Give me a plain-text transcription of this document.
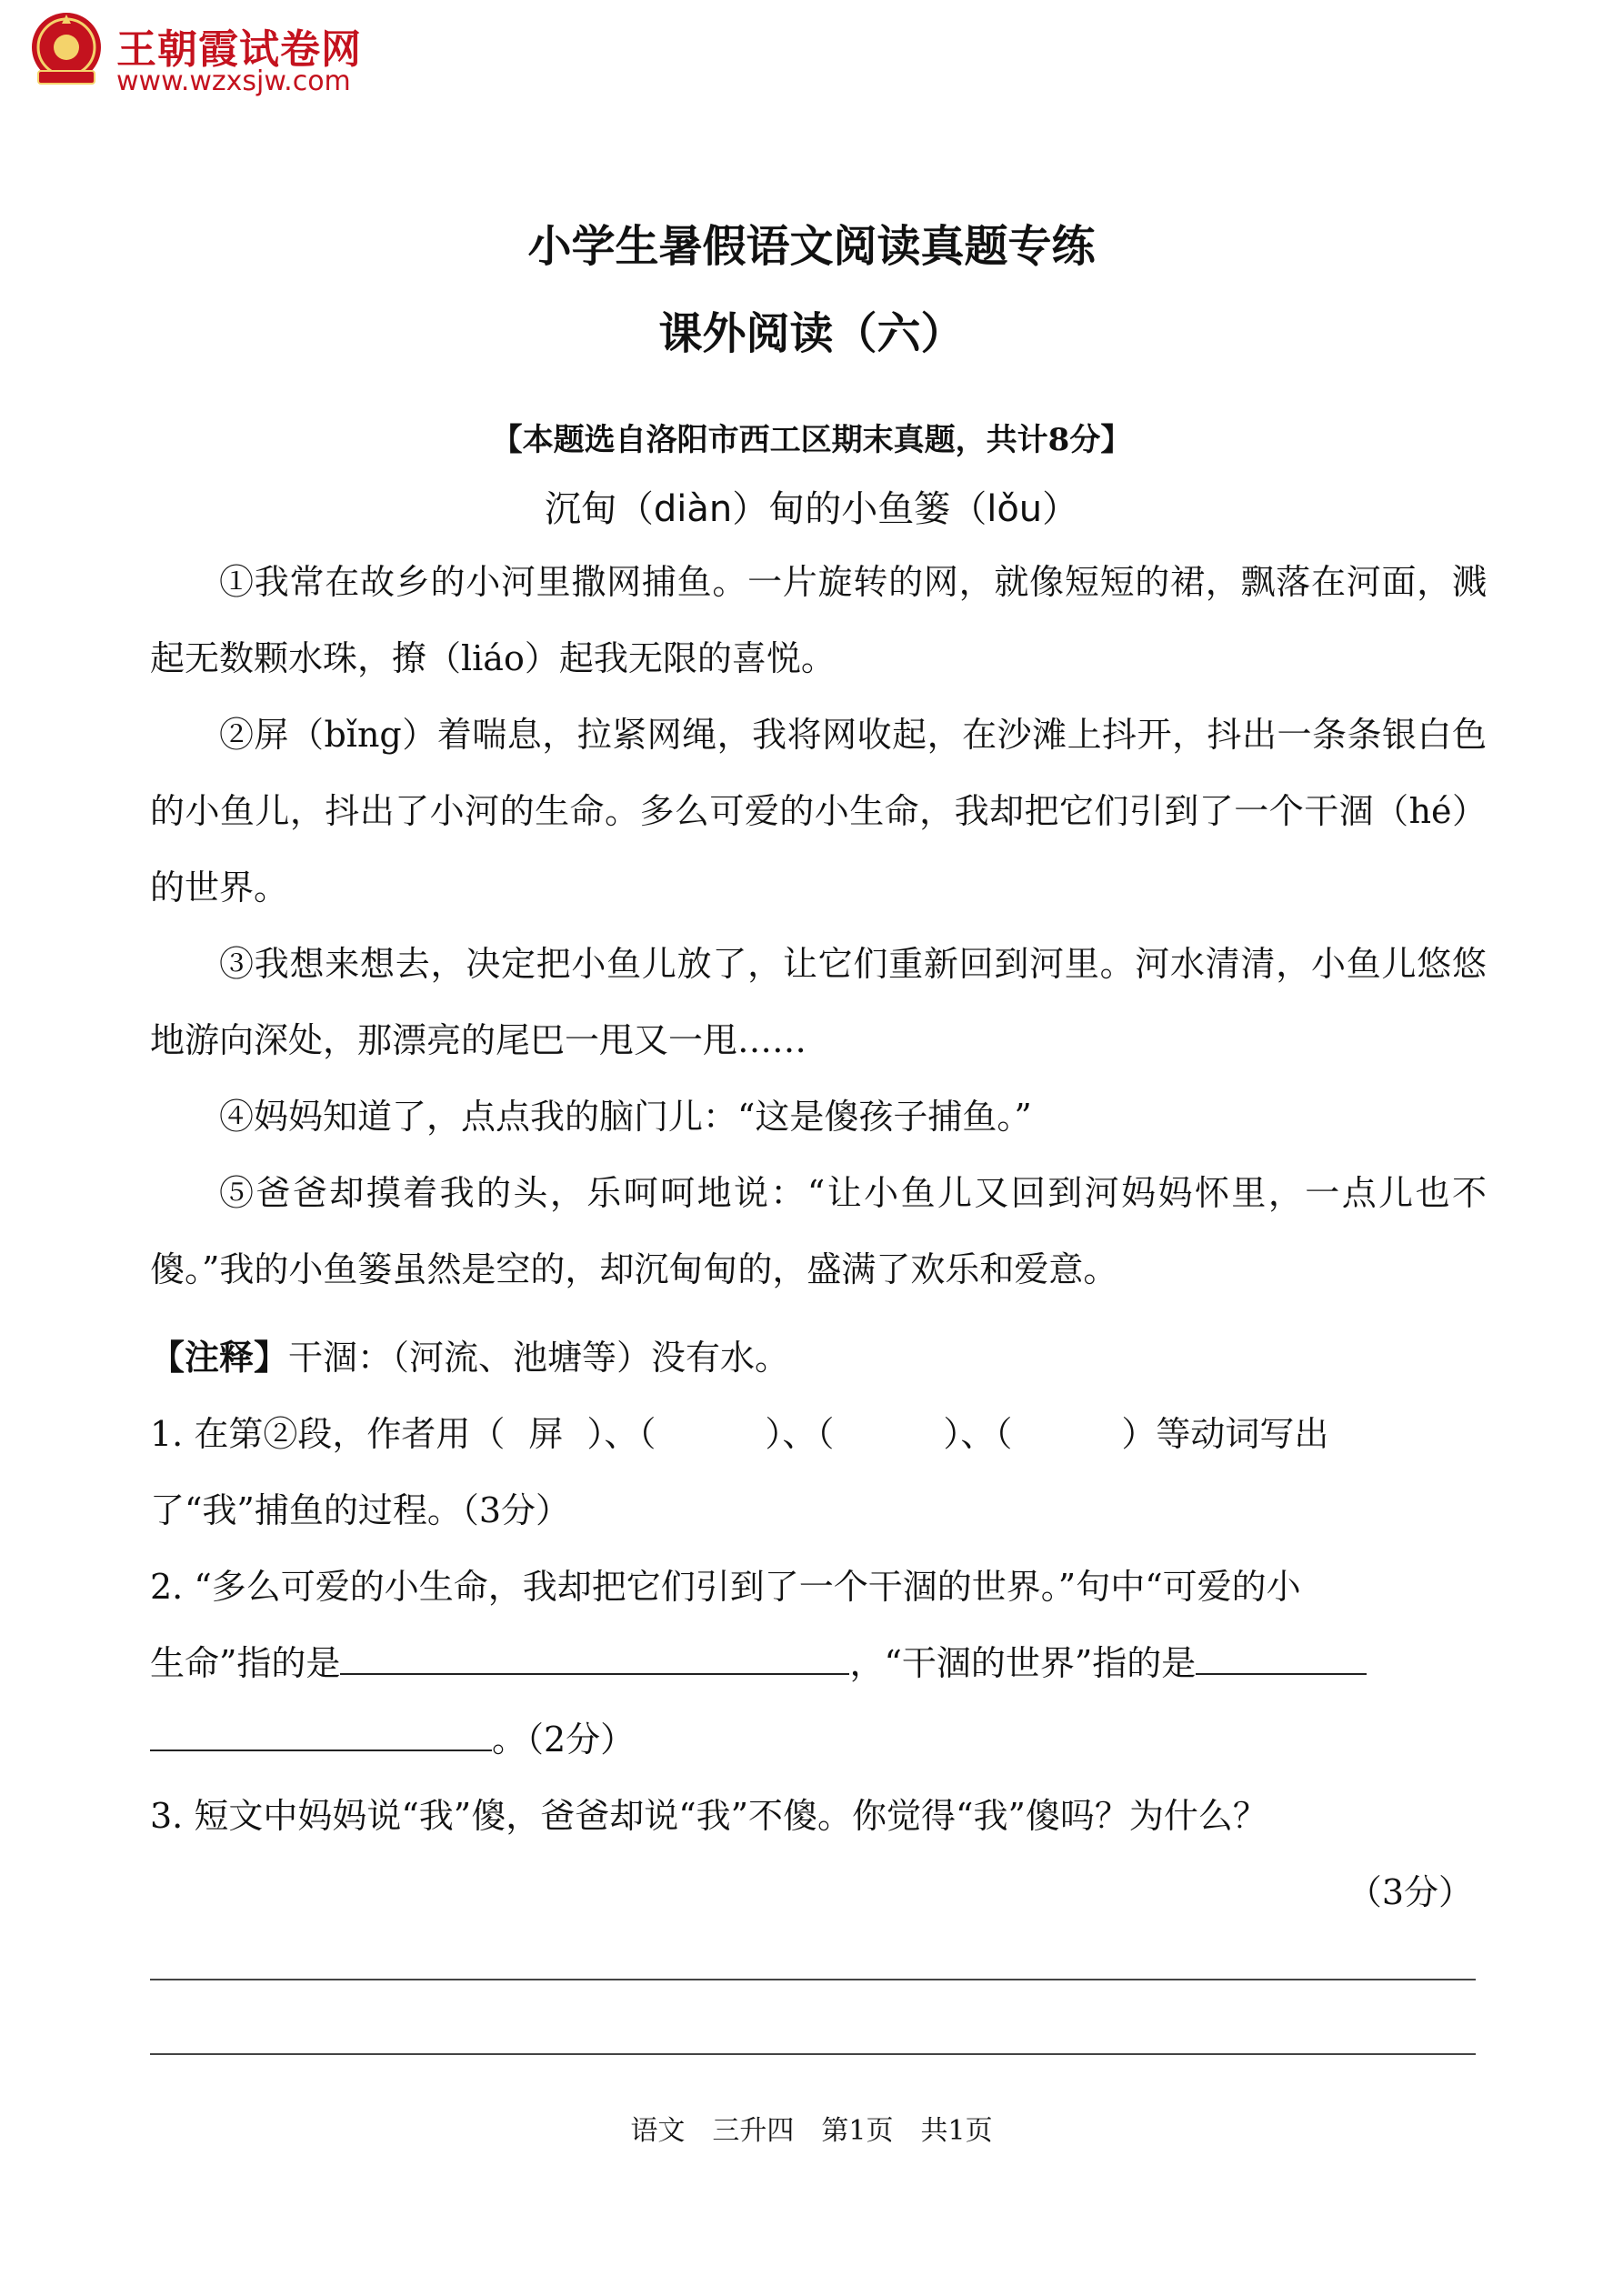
王朝霞试卷网
www.wzxsjw.com
小学生暑假语文阅读真题专练
课外阅读（六）
【本题选自洛阳市西工区期末真题，共计8分】
沉甸（diàn）甸的小鱼篓（lǒu）
①我常在故乡的小河里撒网捕鱼。一片旋转的网，就像短短的裙，飘落在河面，溅起无数颗水珠，撩（liáo）起我无限的喜悦。
②屏（bǐng）着喘息，拉紧网绳，我将网收起，在沙滩上抖开，抖出一条条银白色的小鱼儿，抖出了小河的生命。多么可爱的小生命，我却把它们引到了一个干涸（hé）的世界。
③我想来想去，决定把小鱼儿放了，让它们重新回到河里。河水清清，小鱼儿悠悠地游向深处，那漂亮的尾巴一甩又一甩……
④妈妈知道了，点点我的脑门儿：“这是傻孩子捕鱼。”
⑤爸爸却摸着我的头，乐呵呵地说：“让小鱼儿又回到河妈妈怀里，一点儿也不傻。”我的小鱼篓虽然是空的，却沉甸甸的，盛满了欢乐和爱意。
【注释】干涸：（河流、池塘等）没有水。
1. 在第②段，作者用（ 屏 ）、（	）、（	）、（	）等动词写出
了“我”捕鱼的过程。（3分）
2. “多么可爱的小生命，我却把它们引到了一个干涸的世界。”句中“可爱的小
生命”指的是	，“干涸的世界”指的是
。（2分）
3. 短文中妈妈说“我”傻，爸爸却说“我”不傻。你觉得“我”傻吗？为什么？
（3分）
语文　三升四　第1页　共1页
